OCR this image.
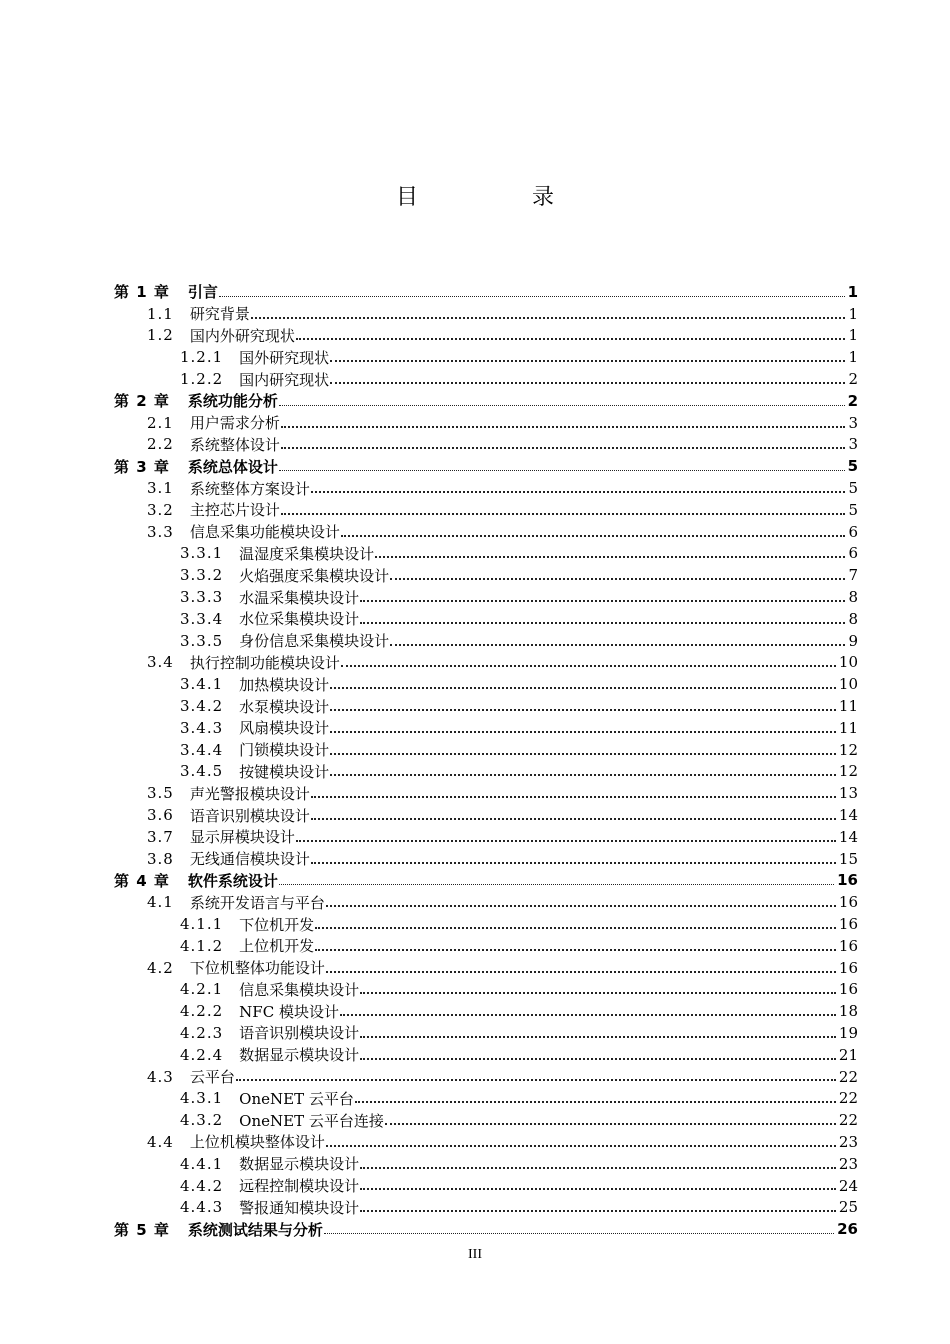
目　录
第 1 章 引言	1
1.1 研究背景	1
1.2 国内外研究现状	1
1.2.1 国外研究现状	1
1.2.2 国内研究现状	2
第 2 章 系统功能分析	2
2.1 用户需求分析	3
2.2 系统整体设计	3
第 3 章 系统总体设计	5
3.1 系统整体方案设计	5
3.2 主控芯片设计	5
3.3 信息采集功能模块设计	6
3.3.1 温湿度采集模块设计	6
3.3.2 火焰强度采集模块设计	7
3.3.3 水温采集模块设计	8
3.3.4 水位采集模块设计	8
3.3.5 身份信息采集模块设计	9
3.4 执行控制功能模块设计	10
3.4.1 加热模块设计	10
3.4.2 水泵模块设计	11
3.4.3 风扇模块设计	11
3.4.4 门锁模块设计	12
3.4.5 按键模块设计	12
3.5 声光警报模块设计	13
3.6 语音识别模块设计	14
3.7 显示屏模块设计	14
3.8 无线通信模块设计	15
第 4 章 软件系统设计	16
4.1 系统开发语言与平台	16
4.1.1 下位机开发	16
4.1.2 上位机开发	16
4.2 下位机整体功能设计	16
4.2.1 信息采集模块设计	16
4.2.2 NFC 模块设计	18
4.2.3 语音识别模块设计	19
4.2.4 数据显示模块设计	21
4.3 云平台	22
4.3.1 OneNET 云平台	22
4.3.2 OneNET 云平台连接	22
4.4 上位机模块整体设计	23
4.4.1 数据显示模块设计	23
4.4.2 远程控制模块设计	24
4.4.3 警报通知模块设计	25
第 5 章 系统测试结果与分析	26
III
